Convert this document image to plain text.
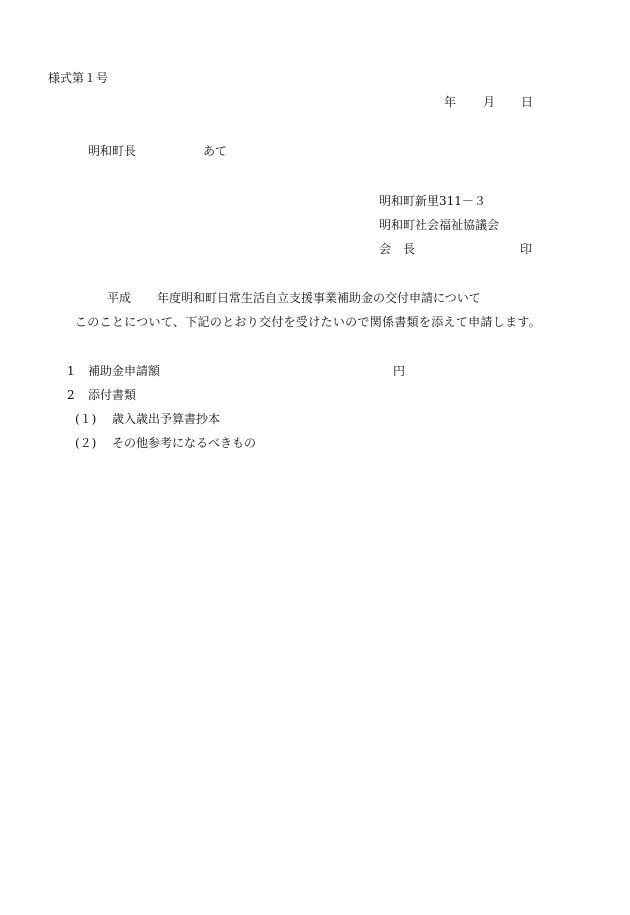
様式第１号
年 月 日
明和町長	あて
明和町新里311－３
明和町社会福祉協議会
会　長	印
平成 年度明和町日常生活自立支援事業補助金の交付申請について
このことについて、下記のとおり交付を受けたいので関係書類を添えて申請します。
1 補助金申請額	円
2 添付書類
(１) 歳入歳出予算書抄本
(２) その他参考になるべきもの
